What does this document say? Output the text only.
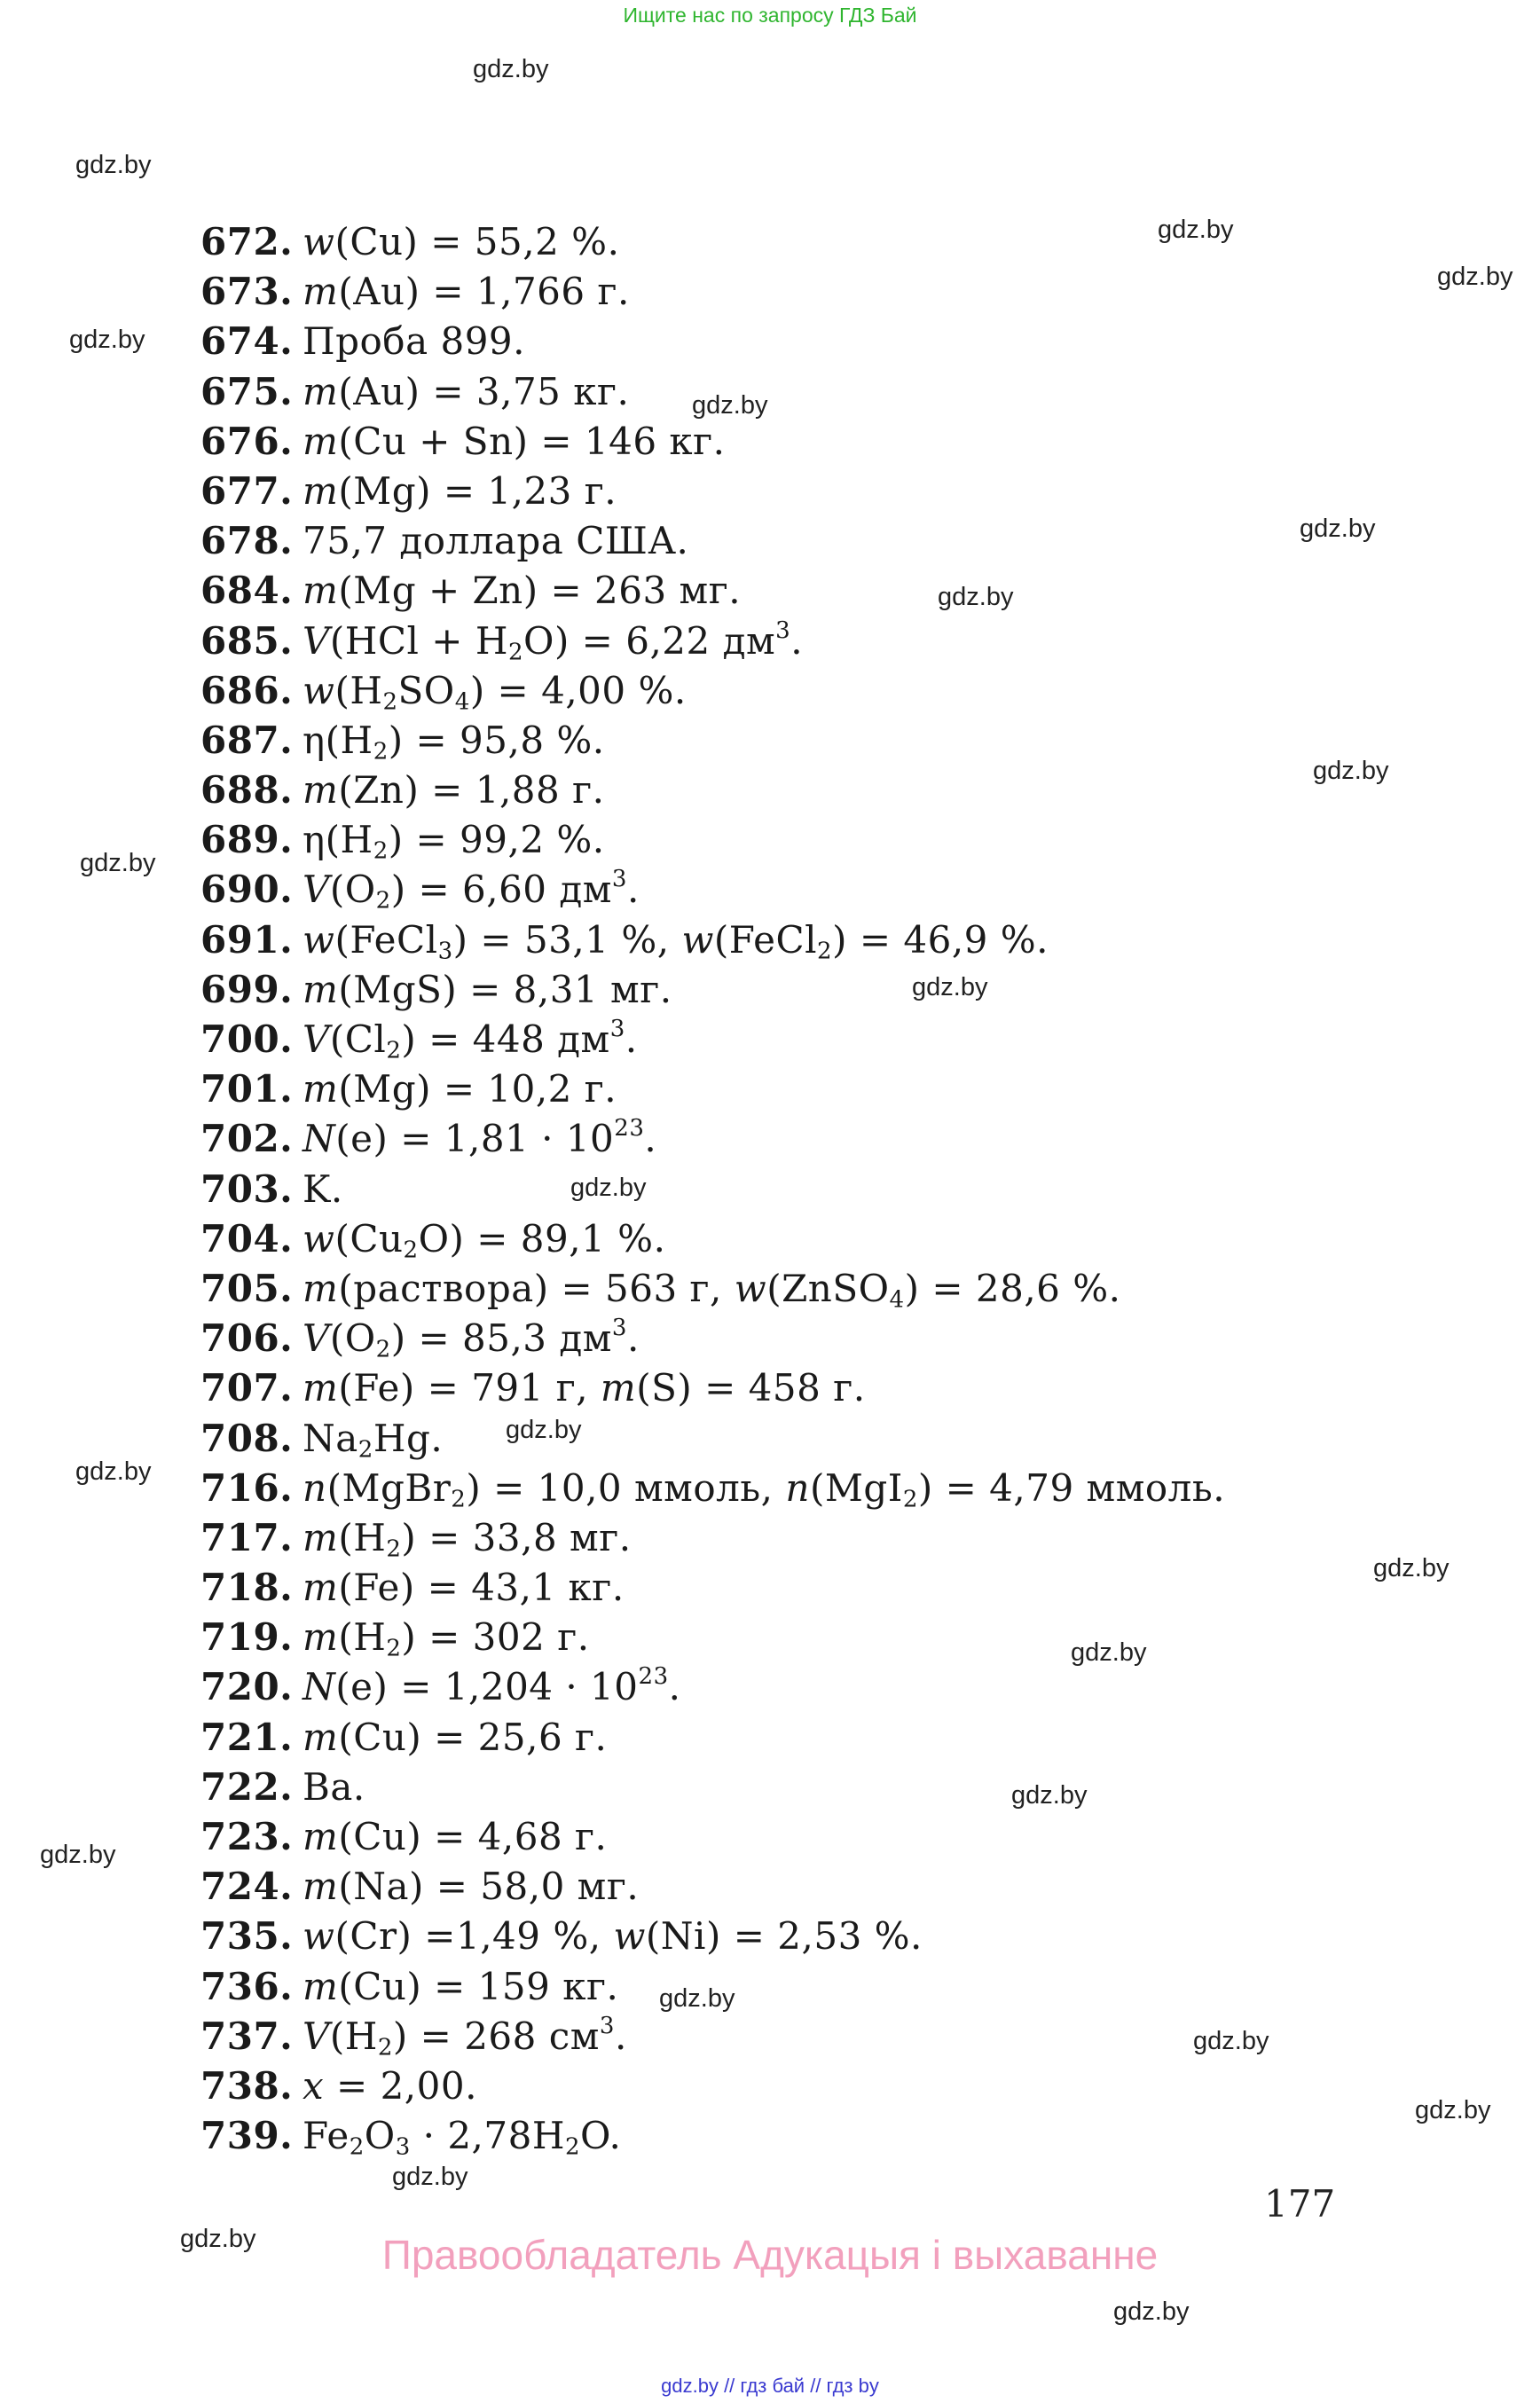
Ищите нас по запросу ГДЗ Бай
gdz.by
gdz.by
gdz.by
gdz.by
gdz.by
gdz.by
gdz.by
gdz.by
gdz.by
gdz.by
gdz.by
gdz.by
gdz.by
gdz.by
gdz.by
gdz.by
gdz.by
gdz.by
gdz.by
gdz.by
gdz.by
gdz.by
gdz.by
gdz.by
672. w(Cu) = 55,2 %.
673. m(Au) = 1,766 г.
674. Проба 899.
675. m(Au) = 3,75 кг.
676. m(Cu + Sn) = 146 кг.
677. m(Mg) = 1,23 г.
678. 75,7 доллара США.
684. m(Mg + Zn) = 263 мг.
685. $V(HCl + H_2O) = 6,22$ $дм^3$.
686. $w(H_2SO_4) = 4,00$ %.
687. $\eta(H_2) = 95,8$ %.
688. m(Zn) = 1,88 г.
689. $\eta(H_2) = 99,2$ %.
690. $V(O_2) = 6,60$ $дм^3$.
691. w(FeCl$_3$) = 53,1 %, w(FeCl$_2$) = 46,9 %.
699. m(MgS) = 8,31 мг.
700. $V(Cl_2) = 448$ $дм^3$.
701. m(Mg) = 10,2 г.
702. $N(e) = 1,81 \cdot 10^{23}$.
703. K.
704. $w(Cu_2O) = 89,1$ %.
705. m(раствора) = 563 г, w(ZnSO$_4$) = 28,6 %.
706. $V(O_2) = 85,3$ $дм^3$.
707. m(Fe) = 791 г, m(S) = 458 г.
708. $Na_2Hg$.
716. n(MgBr$_2$) = 10,0 ммоль, n(MgI$_2$) = 4,79 ммоль.
717. $m(H_2) = 33,8$ мг.
718. m(Fe) = 43,1 кг.
719. $m(H_2) = 302$ г.
720. $N(e) = 1,204 \cdot 10^{23}$.
721. m(Cu) = 25,6 г.
722. Ba.
723. m(Cu) = 4,68 г.
724. m(Na) = 58,0 мг.
735. w(Cr) =1,49 %, w(Ni) = 2,53 %.
736. m(Cu) = 159 кг.
737. $V(H_2) = 268$ $см^3$.
738. x = 2,00.
739. $Fe_2O_3 \cdot 2,78H_2O$.
177
Правообладатель Адукацыя і выхаванне
gdz.by // гдз бай // гдз by
